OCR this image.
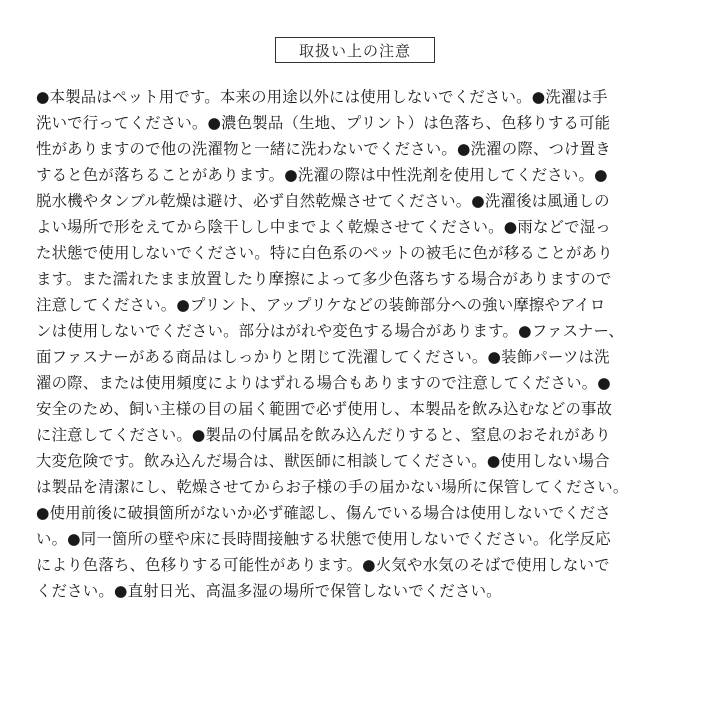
取扱い上の注意
●本製品はペット用です。本来の用途以外には使用しないでください。●洗濯は手
洗いで行ってください。●濃色製品（生地、プリント）は色落ち、色移りする可能
性がありますので他の洗濯物と一緒に洗わないでください。●洗濯の際、つけ置き
すると色が落ちることがあります。●洗濯の際は中性洗剤を使用してください。●
脱水機やタンブル乾燥は避け、必ず自然乾燥させてください。●洗濯後は風通しの
よい場所で形をえてから陰干しし中までよく乾燥させてください。●雨などで湿っ
た状態で使用しないでください。特に白色系のペットの被毛に色が移ることがあり
ます。また濡れたまま放置したり摩擦によって多少色落ちする場合がありますので
注意してください。●プリント、アップリケなどの装飾部分への強い摩擦やアイロ
ンは使用しないでください。部分はがれや変色する場合があります。●ファスナー、
面ファスナーがある商品はしっかりと閉じて洗濯してください。●装飾パーツは洗
濯の際、または使用頻度によりはずれる場合もありますので注意してください。●
安全のため、飼い主様の目の届く範囲で必ず使用し、本製品を飲み込むなどの事故
に注意してください。●製品の付属品を飲み込んだりすると、窒息のおそれがあり
大変危険です。飲み込んだ場合は、獣医師に相談してください。●使用しない場合
は製品を清潔にし、乾燥させてからお子様の手の届かない場所に保管してください。
●使用前後に破損箇所がないか必ず確認し、傷んでいる場合は使用しないでくださ
い。●同一箇所の壁や床に長時間接触する状態で使用しないでください。化学反応
により色落ち、色移りする可能性があります。●火気や水気のそばで使用しないで
ください。●直射日光、高温多湿の場所で保管しないでください。
